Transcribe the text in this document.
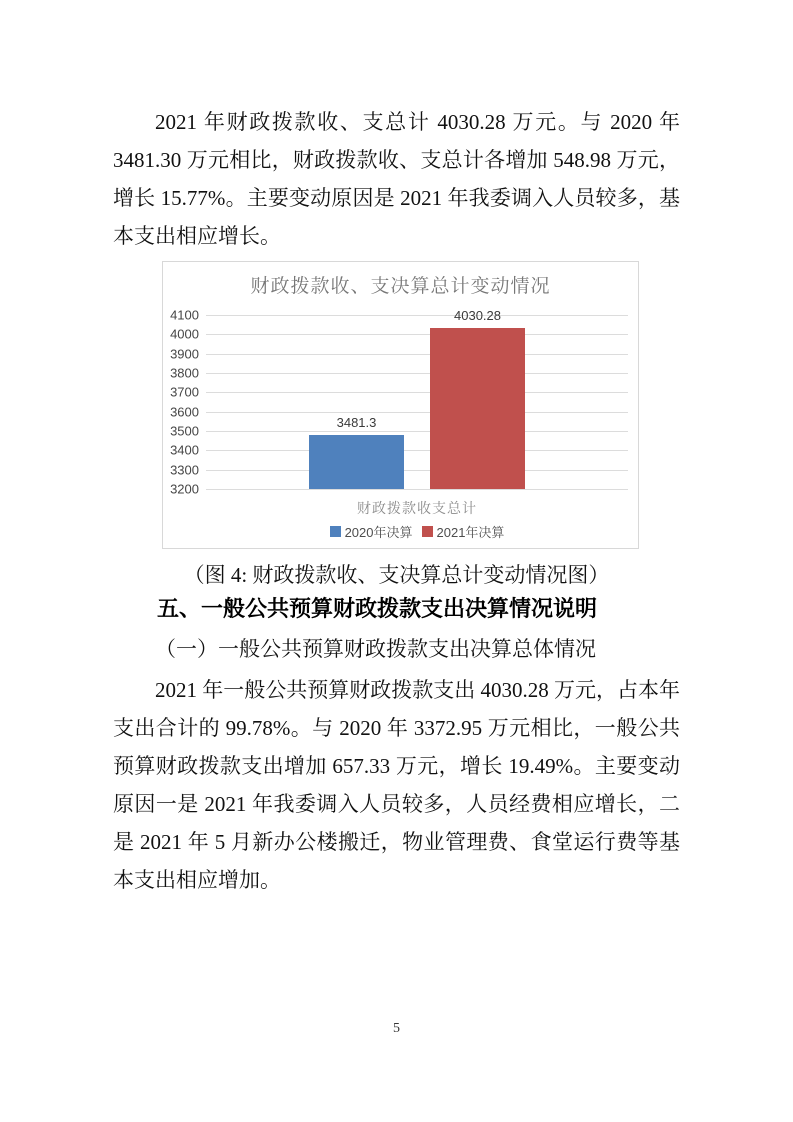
2021 年财政拨款收、支总计 4030.28 万元。与 2020 年 3481.30 万元相比，财政拨款收、支总计各增加 548.98 万元，增长 15.77%。主要变动原因是 2021 年我委调入人员较多，基本支出相应增长。

财政拨款收、支决算总计变动情况
4100
4000
3900
3800
3700
3600
3500
3400
3300
3200
3481.3
4030.28
财政拨款收支总计
2020年决算 2021年决算

（图 4: 财政拨款收、支决算总计变动情况图）

五、一般公共预算财政拨款支出决算情况说明
（一）一般公共预算财政拨款支出决算总体情况

2021 年一般公共预算财政拨款支出 4030.28 万元，占本年支出合计的 99.78%。与 2020 年 3372.95 万元相比，一般公共预算财政拨款支出增加 657.33 万元，增长 19.49%。主要变动原因一是 2021 年我委调入人员较多，人员经费相应增长，二是 2021 年 5 月新办公楼搬迁，物业管理费、食堂运行费等基本支出相应增加。

5
